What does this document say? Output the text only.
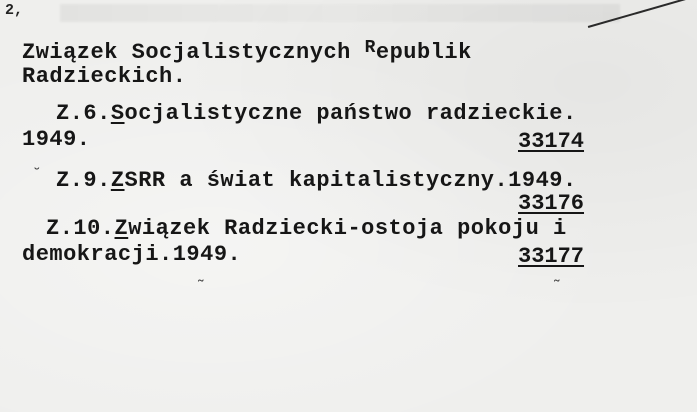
2,
Związek Socjalistycznych $^R$epublik
Radzieckich.
Z.6.Socjalistyczne państwo radzieckie.
1949.	33174
˘ Z.9.ZSRR a świat kapitalistyczny.1949.
33176
Z.10.Związek Radziecki-ostoja pokoju i
demokracji.1949.	33177
˜	˜
